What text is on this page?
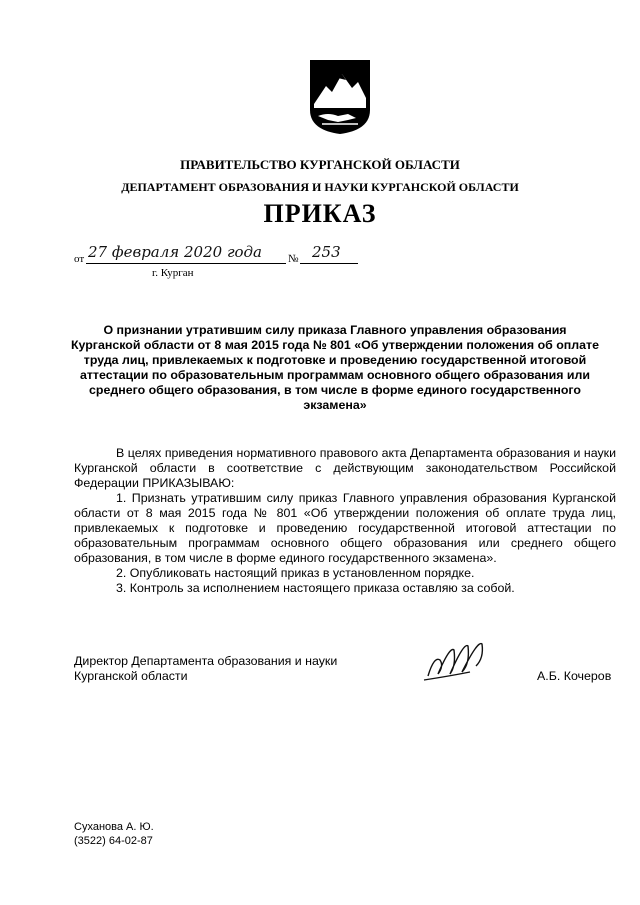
ПРАВИТЕЛЬСТВО КУРГАНСКОЙ ОБЛАСТИ
ДЕПАРТАМЕНТ ОБРАЗОВАНИЯ И НАУКИ КУРГАНСКОЙ ОБЛАСТИ
ПРИКАЗ
от 27 февраля 2020 года № 253
г. Курган
О признании утратившим силу приказа Главного управления образования Курганской области от 8 мая 2015 года № 801 «Об утверждении положения об оплате труда лиц, привлекаемых к подготовке и проведению государственной итоговой аттестации по образовательным программам основного общего образования или среднего общего образования, в том числе в форме единого государственного экзамена»

В целях приведения нормативного правового акта Департамента образования и науки Курганской области в соответствие с действующим законодательством Российской Федерации ПРИКАЗЫВАЮ:

1. Признать утратившим силу приказ Главного управления образования Курганской области от 8 мая 2015 года № 801 «Об утверждении положения об оплате труда лиц, привлекаемых к подготовке и проведению государственной итоговой аттестации по образовательным программам основного общего образования или среднего общего образования, в том числе в форме единого государственного экзамена».

2. Опубликовать настоящий приказ в установленном порядке.

3. Контроль за исполнением настоящего приказа оставляю за собой.

Директор Департамента образования и науки
Курганской области	А.Б. Кочеров
Суханова А. Ю.
(3522) 64-02-87
